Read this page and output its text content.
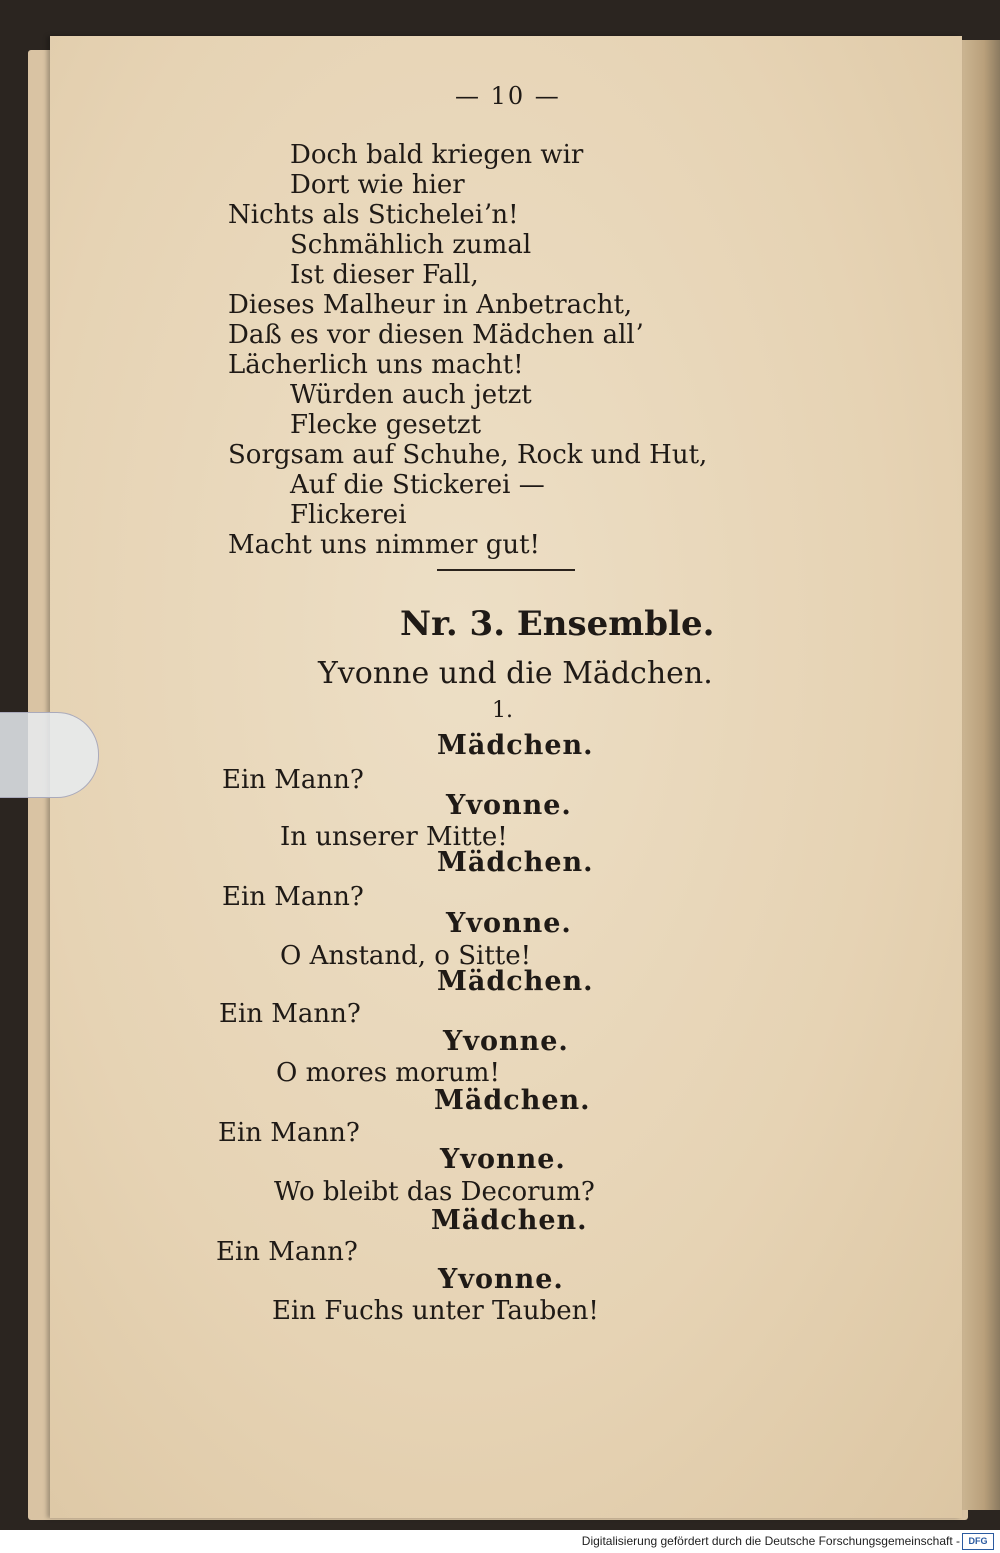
— 10 —
Doch bald kriegen wir
Dort wie hier
Nichts als Sticheleiʼn!
Schmählich zumal
Ist dieser Fall,
Dieses Malheur in Anbetracht,
Daß es vor diesen Mädchen allʼ
Lächerlich uns macht!
Würden auch jetzt
Flecke gesetzt
Sorgsam auf Schuhe, Rock und Hut,
Auf die Stickerei —
Flickerei
Macht uns nimmer gut!
Nr. 3. Ensemble.
Yvonne und die Mädchen.
1.
Mädchen.
Ein Mann?
Yvonne.
In unserer Mitte!
Mädchen.
Ein Mann?
Yvonne.
O Anstand, o Sitte!
Mädchen.
Ein Mann?
Yvonne.
O mores morum!
Mädchen.
Ein Mann?
Yvonne.
Wo bleibt das Decorum?
Mädchen.
Ein Mann?
Yvonne.
Ein Fuchs unter Tauben!
Digitalisierung gefördert durch die Deutsche Forschungsgemeinschaft - DFG
